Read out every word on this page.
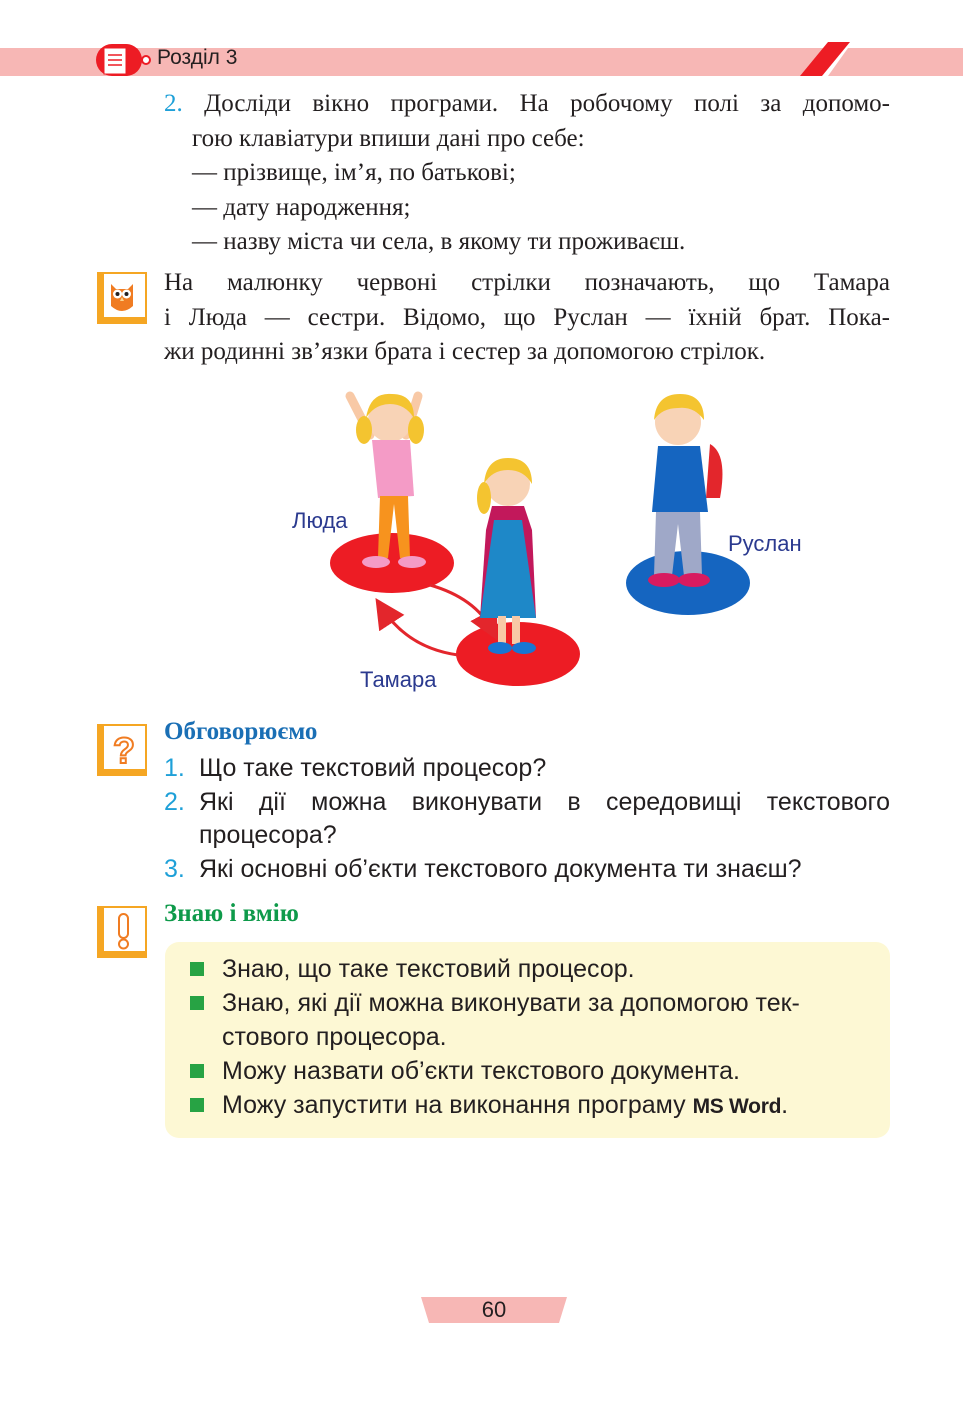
Розділ 3
2. Досліди вікно програми. На робочому полі за допомо-
гою клавіатури впиши дані про себе:
— прізвище, ім’я, по батькові;
— дату народження;
— назву міста чи села, в якому ти проживаєш.
На малюнку червоні стрілки позначають, що Тамара
і Люда — сестри. Відомо, що Руслан — їхній брат. Пока-
жи родинні зв’язки брата і сестер за допомогою стрілок.
Люда
Руслан
Тамара
? Обговорюємо
1. Що таке текстовий процесор?
2. Які дії можна виконувати в середовищі текстового процесора?
3. Які основні об’єкти текстового документа ти знаєш?
Знаю і вмію
Знаю, що таке текстовий процесор.
Знаю, які дії можна виконувати за допомогою тек-стового процесора.
Можу назвати об’єкти текстового документа.
Можу запустити на виконання програму MS Word.
60
